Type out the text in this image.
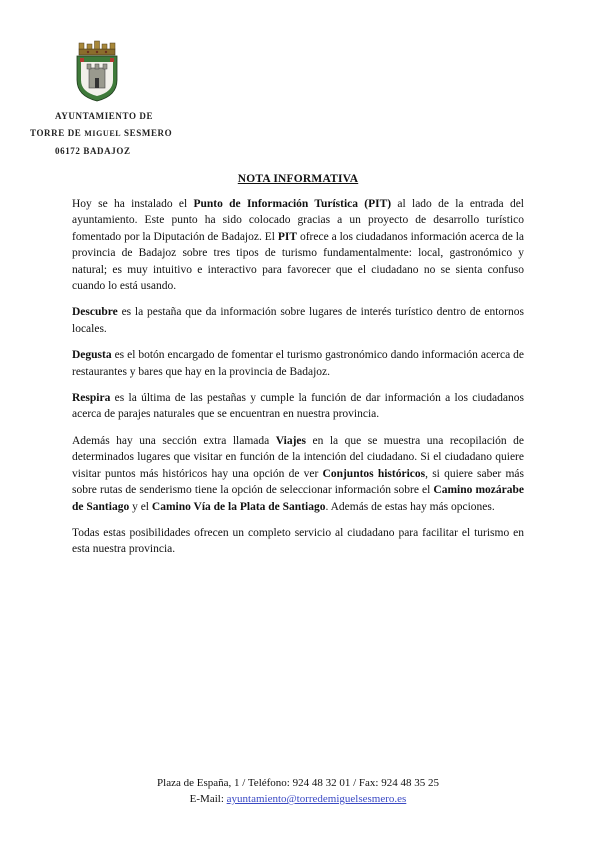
AYUNTAMIENTO DE
TORRE DE MIGUEL SESMERO
06172 BADAJOZ
NOTA INFORMATIVA

Hoy se ha instalado el Punto de Información Turística (PIT) al lado de la entrada del ayuntamiento. Este punto ha sido colocado gracias a un proyecto de desarrollo turístico fomentado por la Diputación de Badajoz. El PIT ofrece a los ciudadanos información acerca de la provincia de Badajoz sobre tres tipos de turismo fundamentalmente: local, gastronómico y natural; es muy intuitivo e interactivo para favorecer que el ciudadano no se sienta confuso cuando lo está usando.

Descubre es la pestaña que da información sobre lugares de interés turístico dentro de entornos locales.

Degusta es el botón encargado de fomentar el turismo gastronómico dando información acerca de restaurantes y bares que hay en la provincia de Badajoz.

Respira es la última de las pestañas y cumple la función de dar información a los ciudadanos acerca de parajes naturales que se encuentran en nuestra provincia.

Además hay una sección extra llamada Viajes en la que se muestra una recopilación de determinados lugares que visitar en función de la intención del ciudadano. Si el ciudadano quiere visitar puntos más históricos hay una opción de ver Conjuntos históricos, si quiere saber más sobre rutas de senderismo tiene la opción de seleccionar información sobre el Camino mozárabe de Santiago y el Camino Vía de la Plata de Santiago. Además de estas hay más opciones.

Todas estas posibilidades ofrecen un completo servicio al ciudadano para facilitar el turismo en esta nuestra provincia.

Plaza de España, 1 / Teléfono: 924 48 32 01 / Fax: 924 48 35 25
E-Mail: ayuntamiento@torredemiguelsesmero.es
